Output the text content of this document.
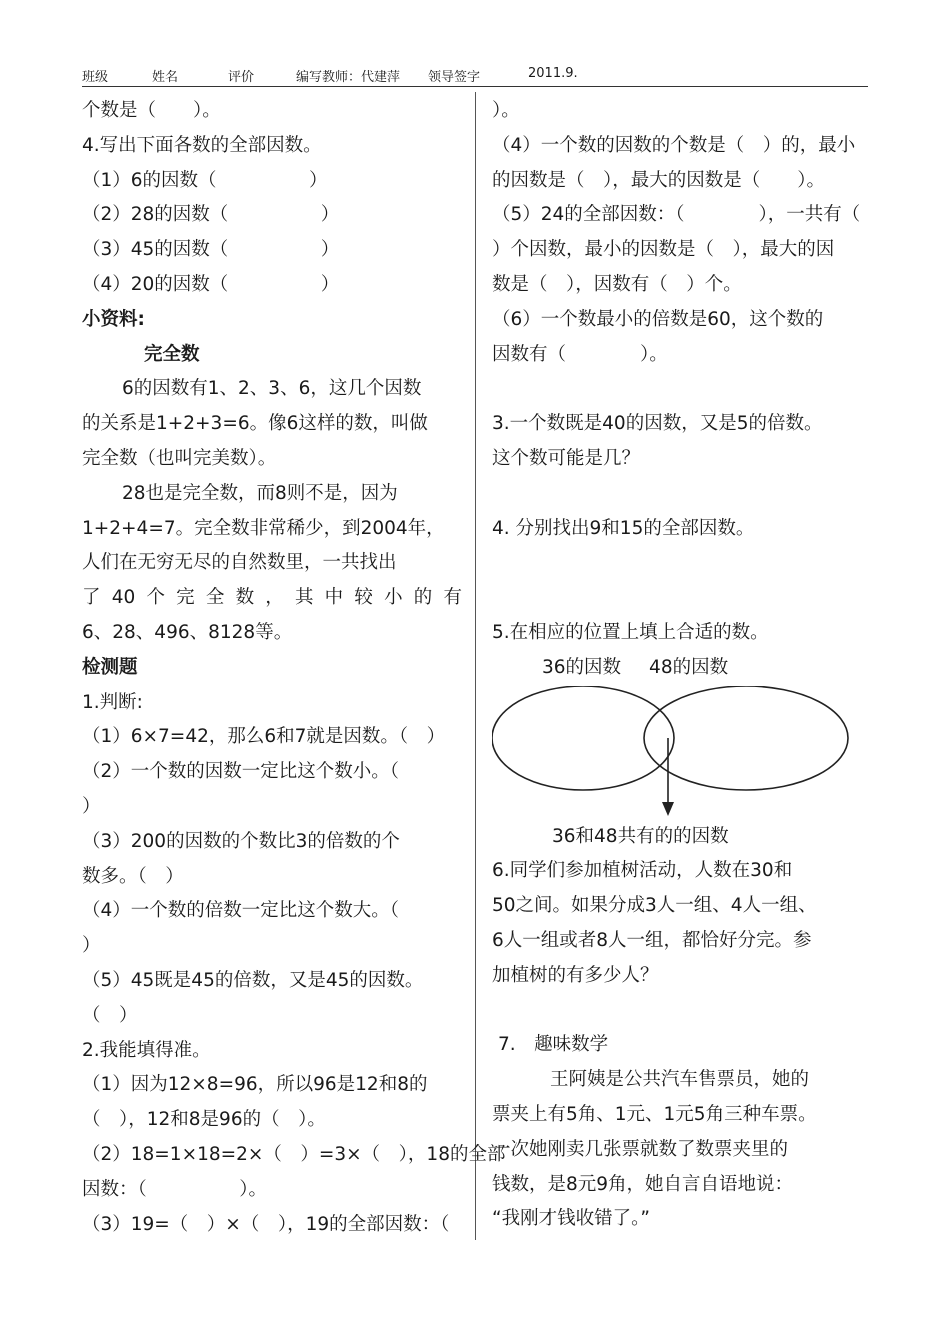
班级	姓名	评价	编写教师：代建萍 领导签字	2011.9.
个数是（　　）。
4.写出下面各数的全部因数。
（1）6的因数（　　　　　）
（2）28的因数（　　　　　）
（3）45的因数（　　　　　）
（4）20的因数（　　　　　）
小资料:
完全数
6的因数有1、2、3、6，这几个因数
的关系是1+2+3=6。像6这样的数，叫做
完全数（也叫完美数）。
28也是完全数，而8则不是，因为
1+2+4=7。完全数非常稀少，到2004年，
人们在无穷无尽的自然数里，一共找出
了40个完全数，其中较小的有
6、28、496、8128等。
检测题
1.判断:
（1）6×7=42，那么6和7就是因数。（　）
（2）一个数的因数一定比这个数小。（
）
（3）200的因数的个数比3的倍数的个
数多。（　）
（4）一个数的倍数一定比这个数大。（
）
（5）45既是45的倍数，又是45的因数。
（　）
2.我能填得准。
（1）因为12×8=96，所以96是12和8的
（　），12和8是96的（　）。
（2）18=1×18=2×（　）=3×（　），18的全部
因数：（　　　　　）。
（3）19=（　）×（　），19的全部因数：（
）。
（4）一个数的因数的个数是（　）的，最小
的因数是（　），最大的因数是（　　）。
（5）24的全部因数：（　　　　），一共有（
）个因数，最小的因数是（　），最大的因
数是（　），因数有（　）个。
（6）一个数最小的倍数是60，这个数的
因数有（　　　　）。
3.一个数既是40的因数，又是5的倍数。
这个数可能是几？
4. 分别找出9和15的全部因数。
5.在相应的位置上填上合适的数。
36的因数 48的因数
36和48共有的的因数
6.同学们参加植树活动，人数在30和
50之间。如果分成3人一组、4人一组、
6人一组或者8人一组，都恰好分完。参
加植树的有多少人？
7.　趣味数学
王阿姨是公共汽车售票员，她的
票夹上有5角、1元、1元5角三种车票。
一次她刚卖几张票就数了数票夹里的
钱数，是8元9角，她自言自语地说：
“我刚才钱收错了。”
